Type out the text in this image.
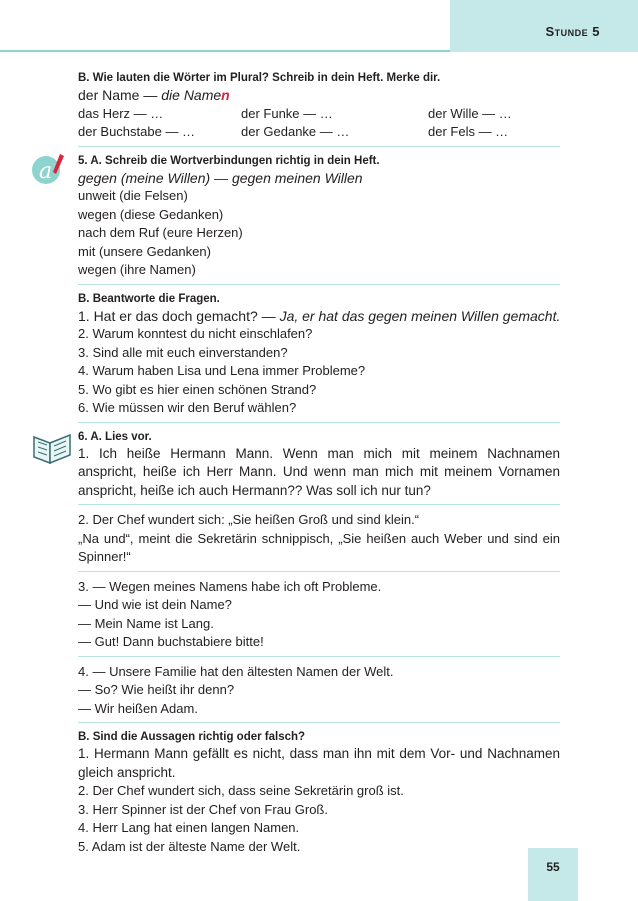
Stunde 5
a

B. Wie lauten die Wörter im Plural? Schreib in dein Heft. Merke dir.

der Name — die Namen

das Herz — …	der Funke — …	der Wille — …
der Buchstabe — …	der Gedanke — …	der Fels — …

5. A. Schreib die Wortverbindungen richtig in dein Heft.

gegen (meine Willen) — gegen meinen Willen

unweit (die Felsen)

wegen (diese Gedanken)

nach dem Ruf (eure Herzen)

mit (unsere Gedanken)

wegen (ihre Namen)

B. Beantworte die Fragen.

1. Hat er das doch gemacht? — Ja, er hat das gegen meinen Willen gemacht.

2. Warum konntest du nicht einschlafen?

3. Sind alle mit euch einverstanden?

4. Warum haben Lisa und Lena immer Probleme?

5. Wo gibt es hier einen schönen Strand?

6. Wie müssen wir den Beruf wählen?

6. A. Lies vor.

1. Ich heiße Hermann Mann. Wenn man mich mit meinem Nachnamen anspricht, heiße ich Herr Mann. Und wenn man mich mit meinem Vornamen anspricht, heiße ich auch Hermann?? Was soll ich nur tun?

2. Der Chef wundert sich: „Sie heißen Groß und sind klein.“

„Na und“, meint die Sekretärin schnippisch, „Sie heißen auch Weber und sind ein Spinner!“

3. — Wegen meines Namens habe ich oft Probleme.

— Und wie ist dein Name?

— Mein Name ist Lang.

— Gut! Dann buchstabiere bitte!

4. — Unsere Familie hat den ältesten Namen der Welt.

— So? Wie heißt ihr denn?

— Wir heißen Adam.

B. Sind die Aussagen richtig oder falsch?

1. Hermann Mann gefällt es nicht, dass man ihn mit dem Vor- und Nachnamen gleich anspricht.

2. Der Chef wundert sich, dass seine Sekretärin groß ist.

3. Herr Spinner ist der Chef von Frau Groß.

4. Herr Lang hat einen langen Namen.

5. Adam ist der älteste Name der Welt.

55
